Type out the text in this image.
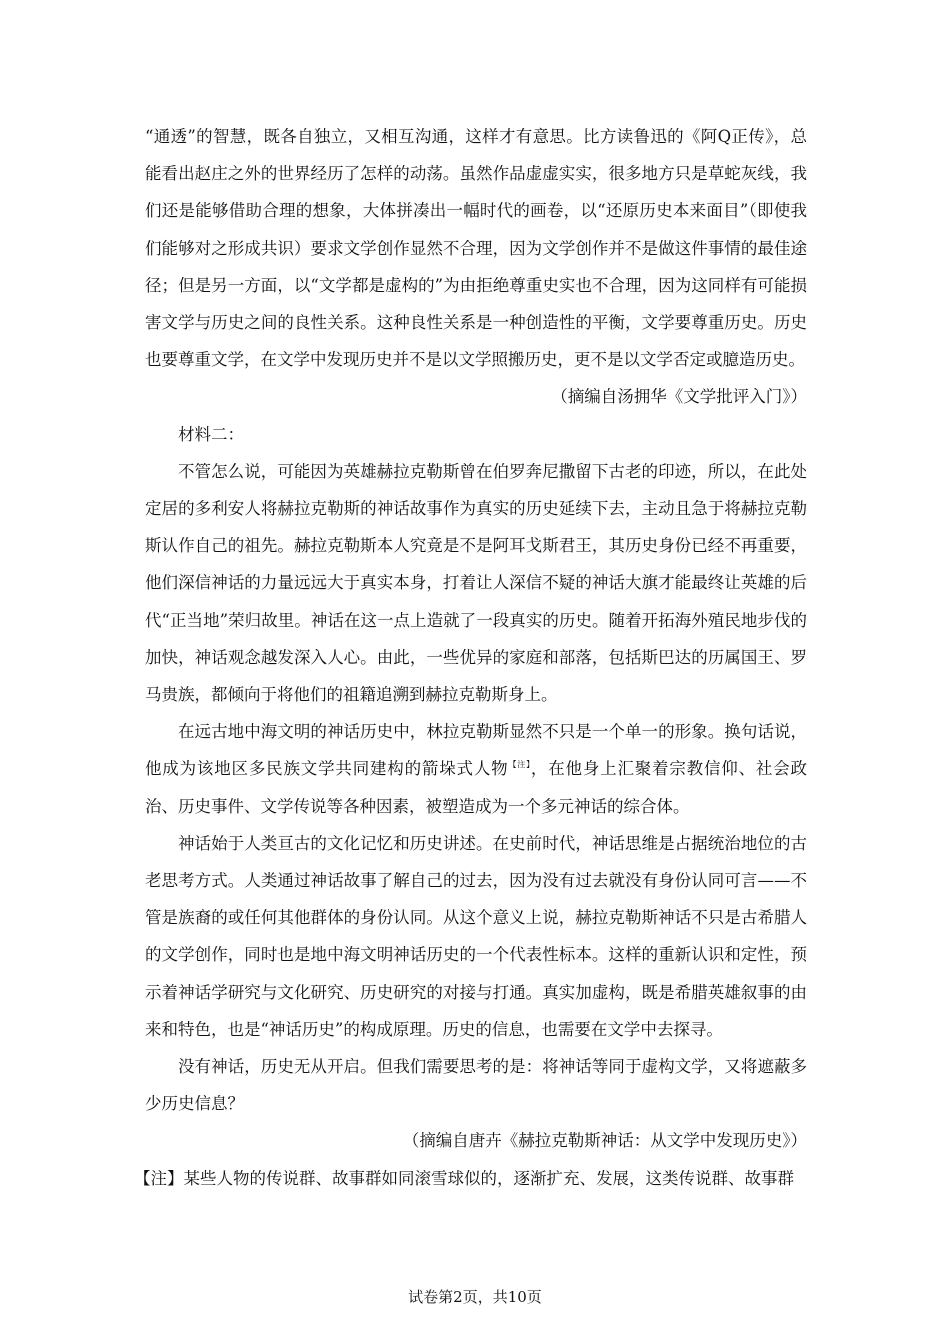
“通透”的智慧，既各自独立，又相互沟通，这样才有意思。比方读鲁迅的《阿Q正传》，总能看出赵庄之外的世界经历了怎样的动荡。虽然作品虚虚实实，很多地方只是草蛇灰线，我们还是能够借助合理的想象，大体拼凑出一幅时代的画卷，以“还原历史本来面目”（即使我们能够对之形成共识）要求文学创作显然不合理，因为文学创作并不是做这件事情的最佳途径；但是另一方面，以“文学都是虚构的”为由拒绝尊重史实也不合理，因为这同样有可能损害文学与历史之间的良性关系。这种良性关系是一种创造性的平衡，文学要尊重历史。历史也要尊重文学，在文学中发现历史并不是以文学照搬历史，更不是以文学否定或臆造历史。

（摘编自汤拥华《文学批评入门》）

材料二：

不管怎么说，可能因为英雄赫拉克勒斯曾在伯罗奔尼撒留下古老的印迹，所以，在此处定居的多利安人将赫拉克勒斯的神话故事作为真实的历史延续下去，主动且急于将赫拉克勒斯认作自己的祖先。赫拉克勒斯本人究竟是不是阿耳戈斯君王，其历史身份已经不再重要，他们深信神话的力量远远大于真实本身，打着让人深信不疑的神话大旗才能最终让英雄的后代“正当地”荣归故里。神话在这一点上造就了一段真实的历史。随着开拓海外殖民地步伐的加快，神话观念越发深入人心。由此，一些优异的家庭和部落，包括斯巴达的历属国王、罗马贵族，都倾向于将他们的祖籍追溯到赫拉克勒斯身上。

在远古地中海文明的神话历史中，林拉克勒斯显然不只是一个单一的形象。换句话说，他成为该地区多民族文学共同建构的箭垛式人物$^{【注】}$，在他身上汇聚着宗教信仰、社会政治、历史事件、文学传说等各种因素，被塑造成为一个多元神话的综合体。

神话始于人类亘古的文化记忆和历史讲述。在史前时代，神话思维是占据统治地位的古老思考方式。人类通过神话故事了解自己的过去，因为没有过去就没有身份认同可言——不管是族裔的或任何其他群体的身份认同。从这个意义上说，赫拉克勒斯神话不只是古希腊人的文学创作，同时也是地中海文明神话历史的一个代表性标本。这样的重新认识和定性，预示着神话学研究与文化研究、历史研究的对接与打通。真实加虚构，既是希腊英雄叙事的由来和特色，也是“神话历史”的构成原理。历史的信息，也需要在文学中去探寻。

没有神话，历史无从开启。但我们需要思考的是：将神话等同于虚构文学，又将遮蔽多少历史信息？

（摘编自唐卉《赫拉克勒斯神话：从文学中发现历史》）

【注】某些人物的传说群、故事群如同滚雪球似的，逐渐扩充、发展，这类传说群、故事群

试卷第2页，共10页
